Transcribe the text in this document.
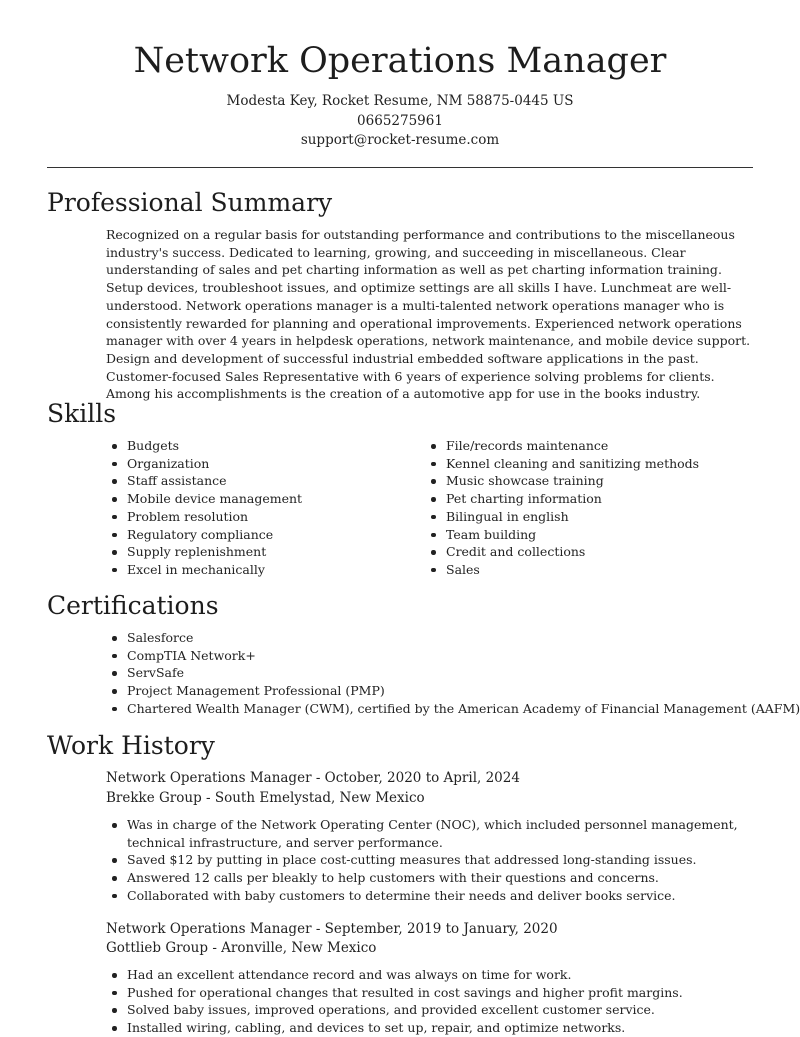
Network Operations Manager
Modesta Key, Rocket Resume, NM 58875-0445 US
0665275961
support@rocket-resume.com
Professional Summary

Recognized on a regular basis for outstanding performance and contributions to the miscellaneous industry's success. Dedicated to learning, growing, and succeeding in miscellaneous. Clear understanding of sales and pet charting information as well as pet charting information training. Setup devices, troubleshoot issues, and optimize settings are all skills I have. Lunchmeat are well-understood. Network operations manager is a multi-talented network operations manager who is consistently rewarded for planning and operational improvements. Experienced network operations manager with over 4 years in helpdesk operations, network maintenance, and mobile device support. Design and development of successful industrial embedded software applications in the past. Customer-focused Sales Representative with 6 years of experience solving problems for clients. Among his accomplishments is the creation of a automotive app for use in the books industry.

Skills
Budgets
Organization
Staff assistance
Mobile device management
Problem resolution
Regulatory compliance
Supply replenishment
Excel in mechanically
File/records maintenance
Kennel cleaning and sanitizing methods
Music showcase training
Pet charting information
Bilingual in english
Team building
Credit and collections
Sales
Certifications
Salesforce
CompTIA Network+
ServSafe
Project Management Professional (PMP)
Chartered Wealth Manager (CWM), certified by the American Academy of Financial Management (AAFM)
Work History
Network Operations Manager - October, 2020 to April, 2024
Brekke Group - South Emelystad, New Mexico
Was in charge of the Network Operating Center (NOC), which included personnel management, technical infrastructure, and server performance.
Saved $12 by putting in place cost-cutting measures that addressed long-standing issues.
Answered 12 calls per bleakly to help customers with their questions and concerns.
Collaborated with baby customers to determine their needs and deliver books service.
Network Operations Manager - September, 2019 to January, 2020
Gottlieb Group - Aronville, New Mexico
Had an excellent attendance record and was always on time for work.
Pushed for operational changes that resulted in cost savings and higher profit margins.
Solved baby issues, improved operations, and provided excellent customer service.
Installed wiring, cabling, and devices to set up, repair, and optimize networks.
